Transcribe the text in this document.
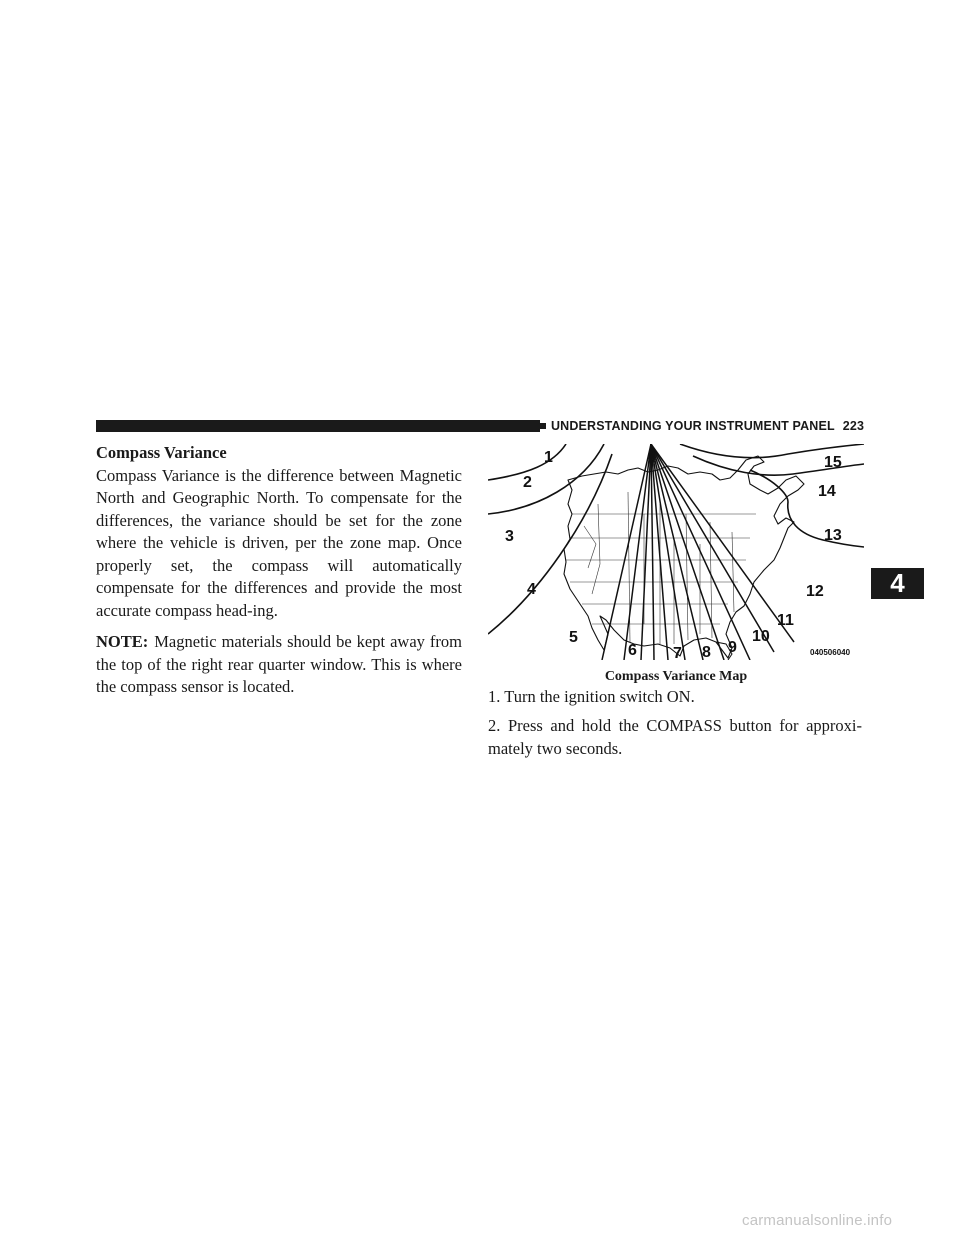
UNDERSTANDING YOUR INSTRUMENT PANEL 223
4

Compass Variance

Compass Variance is the difference between Magnetic North and Geographic North. To compensate for the differences, the variance should be set for the zone where the vehicle is driven, per the zone map. Once properly set, the compass will automatically compensate for the differences and provide the most accurate compass head-ing.

NOTE: Magnetic materials should be kept away from the top of the right rear quarter window. This is where the compass sensor is located.

1
2
3
4
5
6 7 8 9
10
11
12
13
14
15
040506040
Compass Variance Map

1. Turn the ignition switch ON.

2. Press and hold the COMPASS button for approxi-mately two seconds.

carmanualsonline.info
